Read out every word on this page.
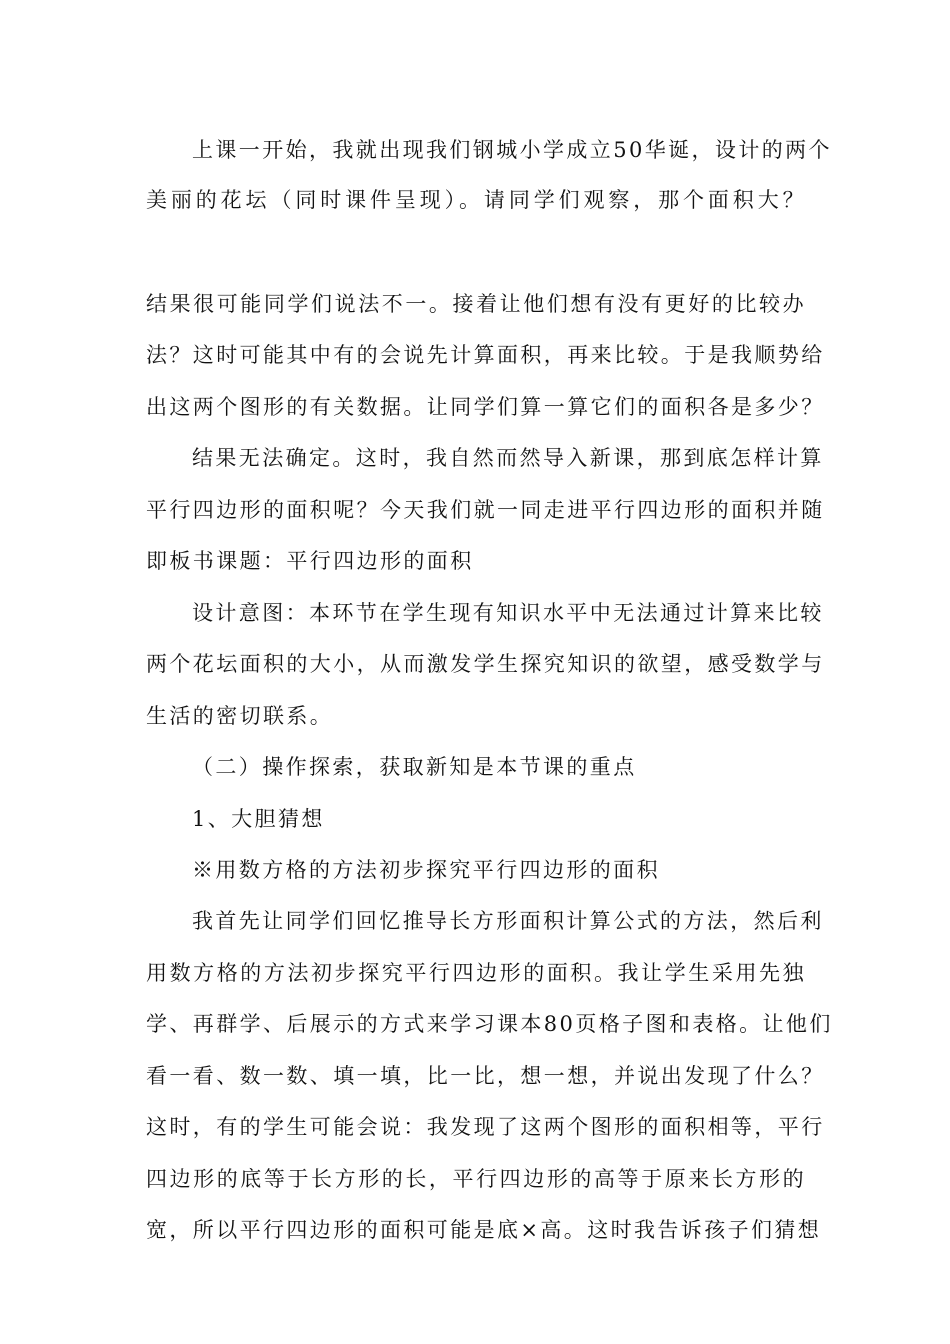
上课一开始，我就出现我们钢城小学成立50华诞，设计的两个
美丽的花坛（同时课件呈现）。请同学们观察，那个面积大？
结果很可能同学们说法不一。接着让他们想有没有更好的比较办
法？这时可能其中有的会说先计算面积，再来比较。于是我顺势给
出这两个图形的有关数据。让同学们算一算它们的面积各是多少？
结果无法确定。这时，我自然而然导入新课，那到底怎样计算
平行四边形的面积呢？今天我们就一同走进平行四边形的面积并随
即板书课题：平行四边形的面积
设计意图：本环节在学生现有知识水平中无法通过计算来比较
两个花坛面积的大小，从而激发学生探究知识的欲望，感受数学与
生活的密切联系。
（二）操作探索，获取新知是本节课的重点
1、大胆猜想
※用数方格的方法初步探究平行四边形的面积
我首先让同学们回忆推导长方形面积计算公式的方法，然后利
用数方格的方法初步探究平行四边形的面积。我让学生采用先独
学、再群学、后展示的方式来学习课本80页格子图和表格。让他们
看一看、数一数、填一填，比一比，想一想，并说出发现了什么？
这时，有的学生可能会说：我发现了这两个图形的面积相等，平行
四边形的底等于长方形的长，平行四边形的高等于原来长方形的
宽，所以平行四边形的面积可能是底×高。这时我告诉孩子们猜想
